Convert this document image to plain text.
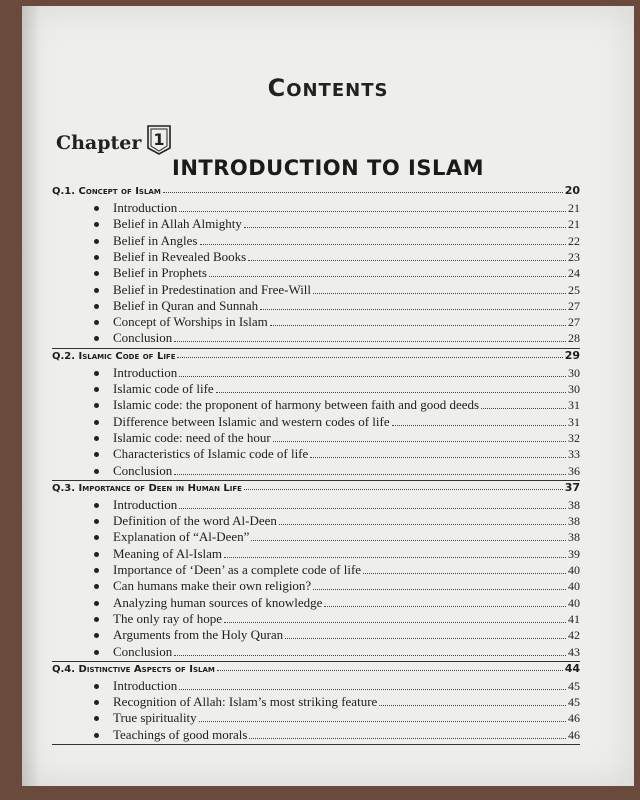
CONTENTS
Chapter 1
INTRODUCTION TO ISLAM
Q.1. Concept of Islam	20
Introduction	21
Belief in Allah Almighty	21
Belief in Angles	22
Belief in Revealed Books	23
Belief in Prophets	24
Belief in Predestination and Free-Will	25
Belief in Quran and Sunnah	27
Concept of Worships in Islam	27
Conclusion	28
Q.2. Islamic Code of Life	29
Introduction	30
Islamic code of life	30
Islamic code: the proponent of harmony between faith and good deeds	31
Difference between Islamic and western codes of life	31
Islamic code: need of the hour	32
Characteristics of Islamic code of life	33
Conclusion	36
Q.3. Importance of Deen in Human Life	37
Introduction	38
Definition of the word Al-Deen	38
Explanation of “Al-Deen”	38
Meaning of Al-Islam	39
Importance of ‘Deen’ as a complete code of life	40
Can humans make their own religion?	40
Analyzing human sources of knowledge	40
The only ray of hope	41
Arguments from the Holy Quran	42
Conclusion	43
Q.4. Distinctive Aspects of Islam	44
Introduction	45
Recognition of Allah: Islam’s most striking feature	45
True spirituality	46
Teachings of good morals	46
